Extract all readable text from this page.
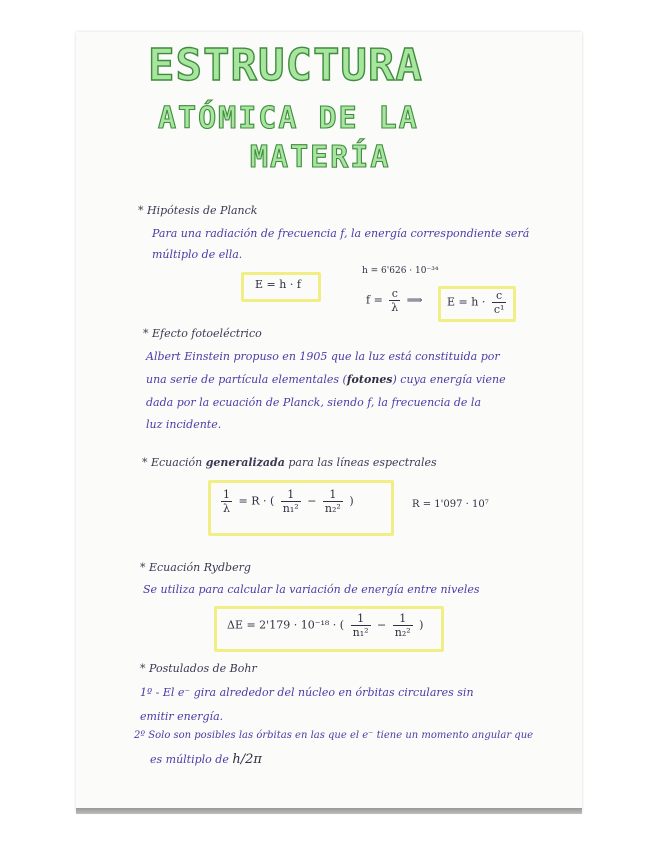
ESTRUCTURA
ATÓMICA DE LA
MATERÍA
* Hipótesis de Planck
Para una radiación de frecuencia f, la energía correspondiente será
múltiplo de ella.
E = h · f
h = 6'626 · 10⁻³⁴
$f = \frac{c}{\lambda}$ ⟹ $E = h \cdot \frac{c}{\text{c¹}}$
* Efecto fotoeléctrico
Albert Einstein propuso en 1905 que la luz está constituida por
una serie de partícula elementales (fotones) cuya energía viene
dada por la ecuación de Planck, siendo f, la frecuencia de la
luz incidente.
* Ecuación generalizada para las líneas espectrales
$\frac{1}{\lambda} = R$ · ( $\frac{1}{\text{n₁²}} - \frac{1}{\text{n₂²}}$ )	R = 1'097 · 10⁷
* Ecuación Rydberg
Se utiliza para calcular la variación de energía entre niveles
ΔE = 2'179 · 10⁻¹⁸ · ( $\frac{1}{\text{n₁²}} - \frac{1}{\text{n₂²}}$ )
* Postulados de Bohr
1º - El e⁻ gira alrededor del núcleo en órbitas circulares sin
emitir energía.
2º Solo son posibles las órbitas en las que el e⁻ tiene un momento angular que
es múltiplo de h/2π
